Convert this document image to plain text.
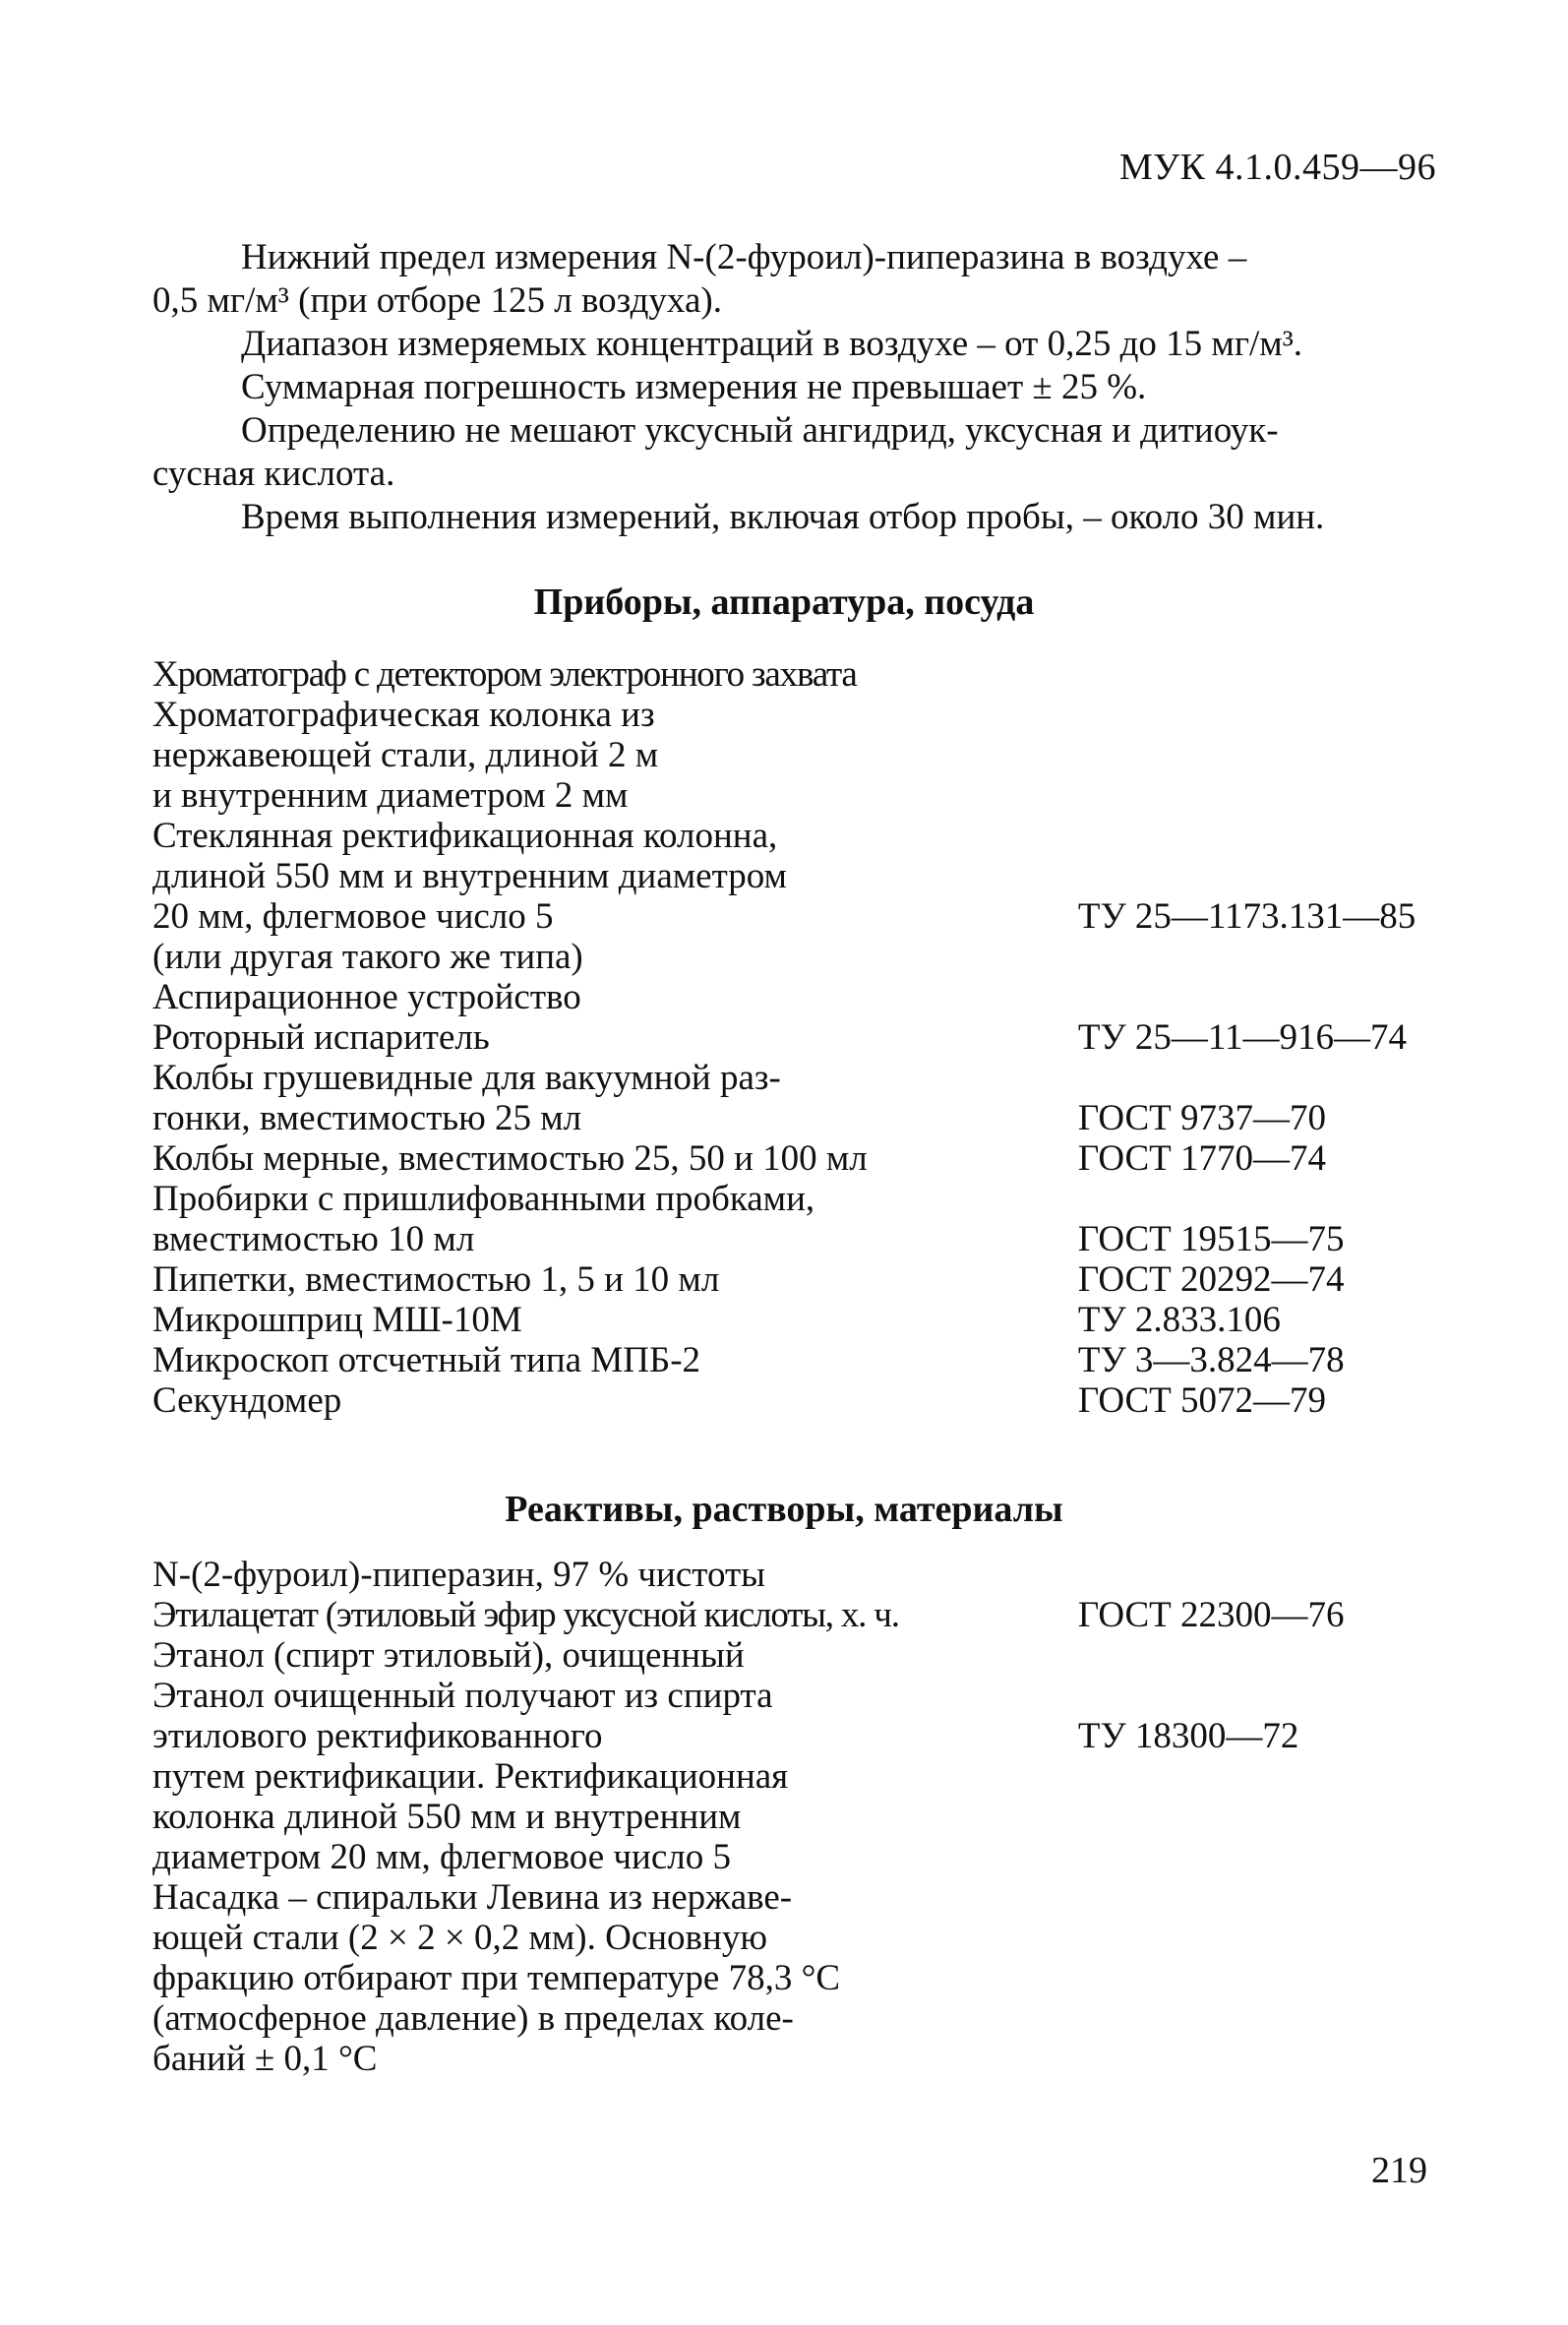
МУК 4.1.0.459—96

Нижний предел измерения N-(2-фуроил)-пиперазина в воздухе –

0,5 мг/м³ (при отборе 125 л воздуха).

Диапазон измеряемых концентраций в воздухе – от 0,25 до 15 мг/м³.

Суммарная погрешность измерения не превышает ± 25 %.

Определению не мешают уксусный ангидрид, уксусная и дитиоук-

сусная кислота.

Время выполнения измерений, включая отбор пробы, – около 30 мин.

Приборы, аппаратура, посуда
Хроматограф с детектором электронного захвата
Хроматографическая колонка из
нержавеющей стали, длиной 2 м
и внутренним диаметром 2 мм
Стеклянная ректификационная колонна,
длиной 550 мм и внутренним диаметром
20 мм, флегмовое число 5	ТУ 25—1173.131—85
(или другая такого же типа)
Аспирационное устройство
Роторный испаритель	ТУ 25—11—916—74
Колбы грушевидные для вакуумной раз-
гонки, вместимостью 25 мл	ГОСТ 9737—70
Колбы мерные, вместимостью 25, 50 и 100 мл	ГОСТ 1770—74
Пробирки с пришлифованными пробками,
вместимостью 10 мл	ГОСТ 19515—75
Пипетки, вместимостью 1, 5 и 10 мл	ГОСТ 20292—74
Микрошприц МШ-10М	ТУ 2.833.106
Микроскоп отсчетный типа МПБ-2	ТУ 3—3.824—78
Секундомер	ГОСТ 5072—79
Реактивы, растворы, материалы
N-(2-фуроил)-пиперазин, 97 % чистоты
Этилацетат (этиловый эфир уксусной кислоты, х. ч.	ГОСТ 22300—76
Этанол (спирт этиловый), очищенный
Этанол очищенный получают из спирта
этилового ректификованного	ТУ 18300—72
путем ректификации. Ректификационная
колонка длиной 550 мм и внутренним
диаметром 20 мм, флегмовое число 5
Насадка – спиральки Левина из нержаве-
ющей стали (2 × 2 × 0,2 мм). Основную
фракцию отбирают при температуре 78,3 °С
(атмосферное давление) в пределах коле-
баний ± 0,1 °С
219
